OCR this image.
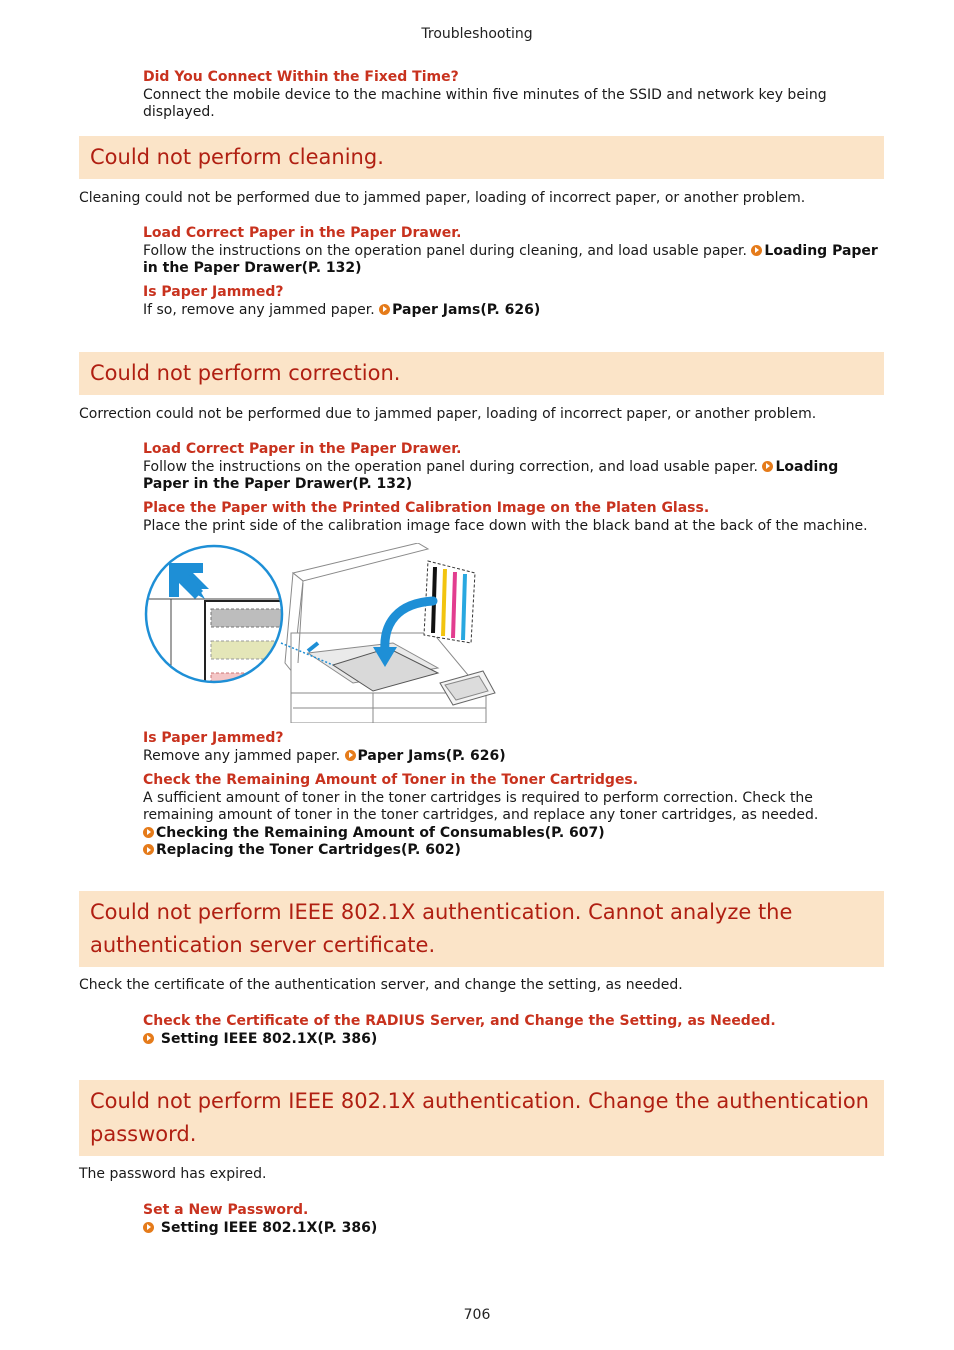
Troubleshooting
Did You Connect Within the Fixed Time?
Connect the mobile device to the machine within five minutes of the SSID and network key being displayed.
Could not perform cleaning.
Cleaning could not be performed due to jammed paper, loading of incorrect paper, or another problem.
Load Correct Paper in the Paper Drawer.
Follow the instructions on the operation panel during cleaning, and load usable paper. Loading Paper in the Paper Drawer(P. 132)
Is Paper Jammed?
If so, remove any jammed paper. Paper Jams(P. 626)
Could not perform correction.
Correction could not be performed due to jammed paper, loading of incorrect paper, or another problem.
Load Correct Paper in the Paper Drawer.
Follow the instructions on the operation panel during correction, and load usable paper. Loading Paper in the Paper Drawer(P. 132)
Place the Paper with the Printed Calibration Image on the Platen Glass.
Place the print side of the calibration image face down with the black band at the back of the machine.
Is Paper Jammed?
Remove any jammed paper. Paper Jams(P. 626)
Check the Remaining Amount of Toner in the Toner Cartridges.
A sufficient amount of toner in the toner cartridges is required to perform correction. Check the remaining amount of toner in the toner cartridges, and replace any toner cartridges, as needed.
Checking the Remaining Amount of Consumables(P. 607)
Replacing the Toner Cartridges(P. 602)
Could not perform IEEE 802.1X authentication. Cannot analyze the authentication server certificate.
Check the certificate of the authentication server, and change the setting, as needed.
Check the Certificate of the RADIUS Server, and Change the Setting, as Needed.
Setting IEEE 802.1X(P. 386)
Could not perform IEEE 802.1X authentication. Change the authentication password.
The password has expired.
Set a New Password.
Setting IEEE 802.1X(P. 386)
706
